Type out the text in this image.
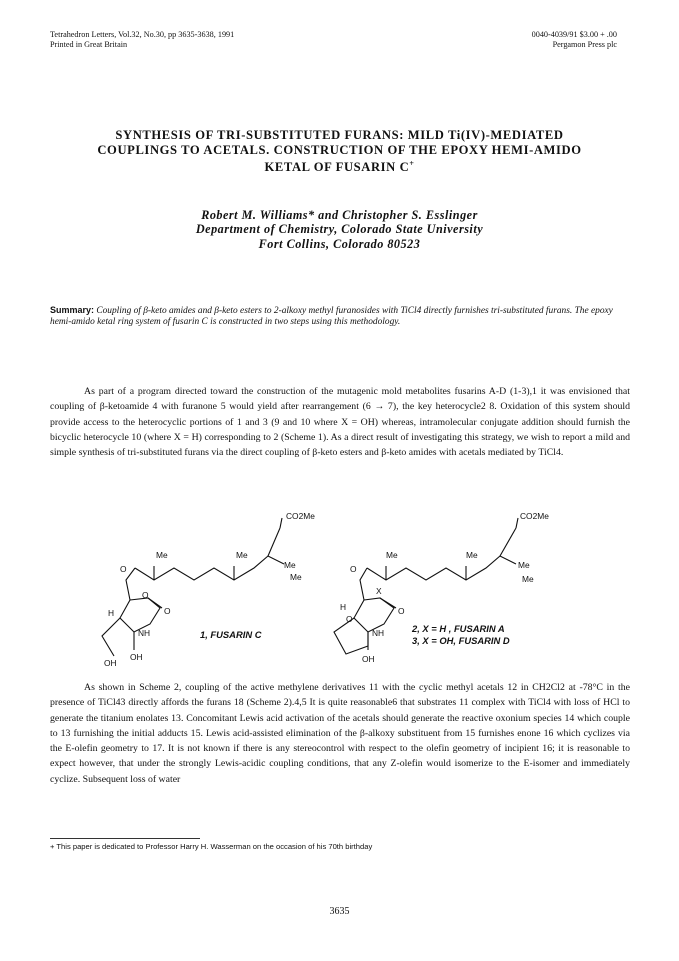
Tetrahedron Letters, Vol.32, No.30, pp 3635-3638, 1991
Printed in Great Britain
0040-4039/91 $3.00 + .00
Pergamon Press plc
SYNTHESIS OF TRI-SUBSTITUTED FURANS: MILD Ti(IV)-MEDIATED
COUPLINGS TO ACETALS. CONSTRUCTION OF THE EPOXY HEMI-AMIDO
KETAL OF FUSARIN C+
Robert M. Williams* and Christopher S. Esslinger
Department of Chemistry, Colorado State University
Fort Collins, Colorado 80523
Summary: Coupling of β-keto amides and β-keto esters to 2-alkoxy methyl furanosides with TiCl4 directly furnishes tri-substituted furans. The epoxy hemi-amido ketal ring system of fusarin C is constructed in two steps using this methodology.

As part of a program directed toward the construction of the mutagenic mold metabolites fusarins A-D (1-3),1 it was envisioned that coupling of β-ketoamide 4 with furanone 5 would yield after rearrangement (6 → 7), the key heterocycle2 8. Oxidation of this system should provide access to the heterocyclic portions of 1 and 3 (9 and 10 where X = OH) whereas, intramolecular conjugate addition should furnish the bicyclic heterocycle 10 (where X = H) corresponding to 2 (Scheme 1). As a direct result of investigating this strategy, we wish to report a mild and simple synthesis of tri-substituted furans via the direct coupling of β-keto esters and β-keto amides with acetals mediated by TiCl4.

CO2Me
Me	Me
Me
Me
O
O
O
H
NH
OH
OH
1, FUSARIN C
CO2Me
Me	Me
Me
Me
O
X
H
O
O
NH
OH
2, X = H , FUSARIN A
3, X = OH, FUSARIN D

As shown in Scheme 2, coupling of the active methylene derivatives 11 with the cyclic methyl acetals 12 in CH2Cl2 at -78°C in the presence of TiCl43 directly affords the furans 18 (Scheme 2).4,5 It is quite reasonable6 that substrates 11 complex with TiCl4 with loss of HCl to generate the titanium enolates 13. Concomitant Lewis acid activation of the acetals should generate the reactive oxonium species 14 which couple to 13 furnishing the initial adducts 15. Lewis acid-assisted elimination of the β-alkoxy substituent from 15 furnishes enone 16 which cyclizes via the E-olefin geometry to 17. It is not known if there is any stereocontrol with respect to the olefin geometry of incipient 16; it is reasonable to expect however, that under the strongly Lewis-acidic coupling conditions, that any Z-olefin would isomerize to the E-isomer and immediately cyclize. Subsequent loss of water

+ This paper is dedicated to Professor Harry H. Wasserman on the occasion of his 70th birthday
3635
